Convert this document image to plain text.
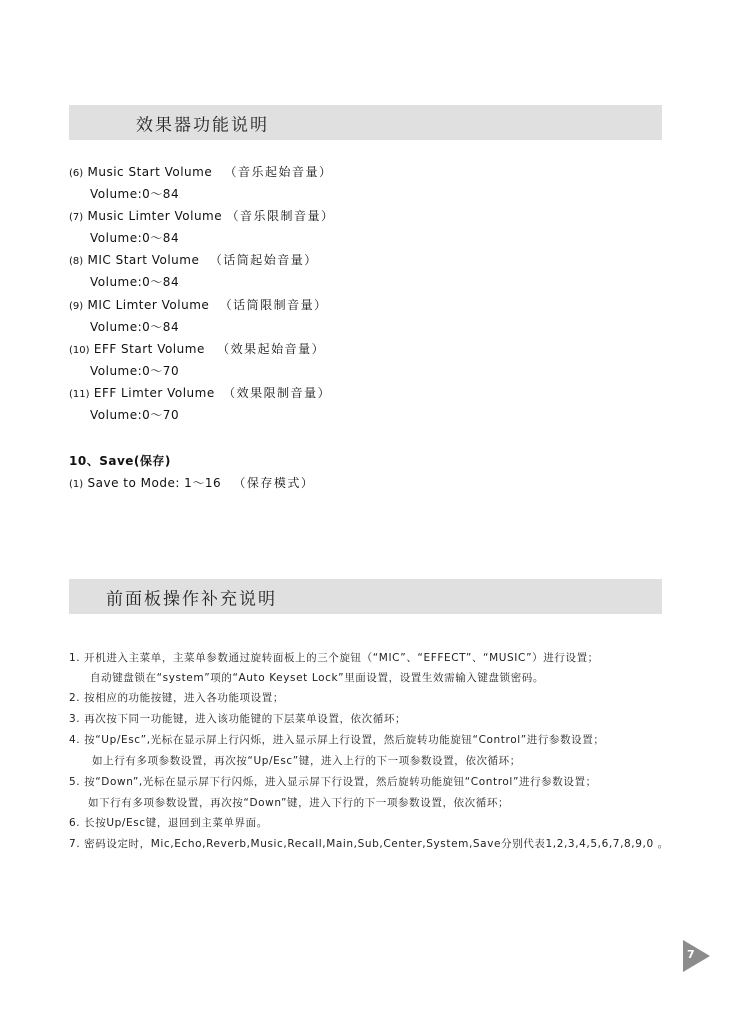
效果器功能说明
(6) Music Start Volume （音乐起始音量）
Volume:0～84
(7) Music Limter Volume （音乐限制音量）
Volume:0～84
(8) MIC Start Volume （话筒起始音量）
Volume:0～84
(9) MIC Limter Volume （话筒限制音量）
Volume:0～84
(10) EFF Start Volume （效果起始音量）
Volume:0～70
(11) EFF Limter Volume （效果限制音量）
Volume:0～70
10、Save(保存)
(1) Save to Mode: 1～16 （保存模式）
前面板操作补充说明
1. 开机进入主菜单，主菜单参数通过旋转面板上的三个旋钮（“MIC”、“EFFECT”、“MUSIC”）进行设置；
自动键盘锁在“system”项的“Auto Keyset Lock”里面设置，设置生效需输入键盘锁密码。
2. 按相应的功能按键，进入各功能项设置；
3. 再次按下同一功能键，进入该功能键的下层菜单设置，依次循环；
4. 按“Up/Esc”,光标在显示屏上行闪烁，进入显示屏上行设置，然后旋转功能旋钮“Control”进行参数设置；
如上行有多项参数设置，再次按“Up/Esc”键，进入上行的下一项参数设置，依次循环；
5. 按“Down”,光标在显示屏下行闪烁，进入显示屏下行设置，然后旋转功能旋钮“Control”进行参数设置；
如下行有多项参数设置，再次按“Down”键，进入下行的下一项参数设置，依次循环；
6. 长按Up/Esc键，退回到主菜单界面。
7. 密码设定时，Mic,Echo,Reverb,Music,Recall,Main,Sub,Center,System,Save分别代表1,2,3,4,5,6,7,8,9,0 。
7
